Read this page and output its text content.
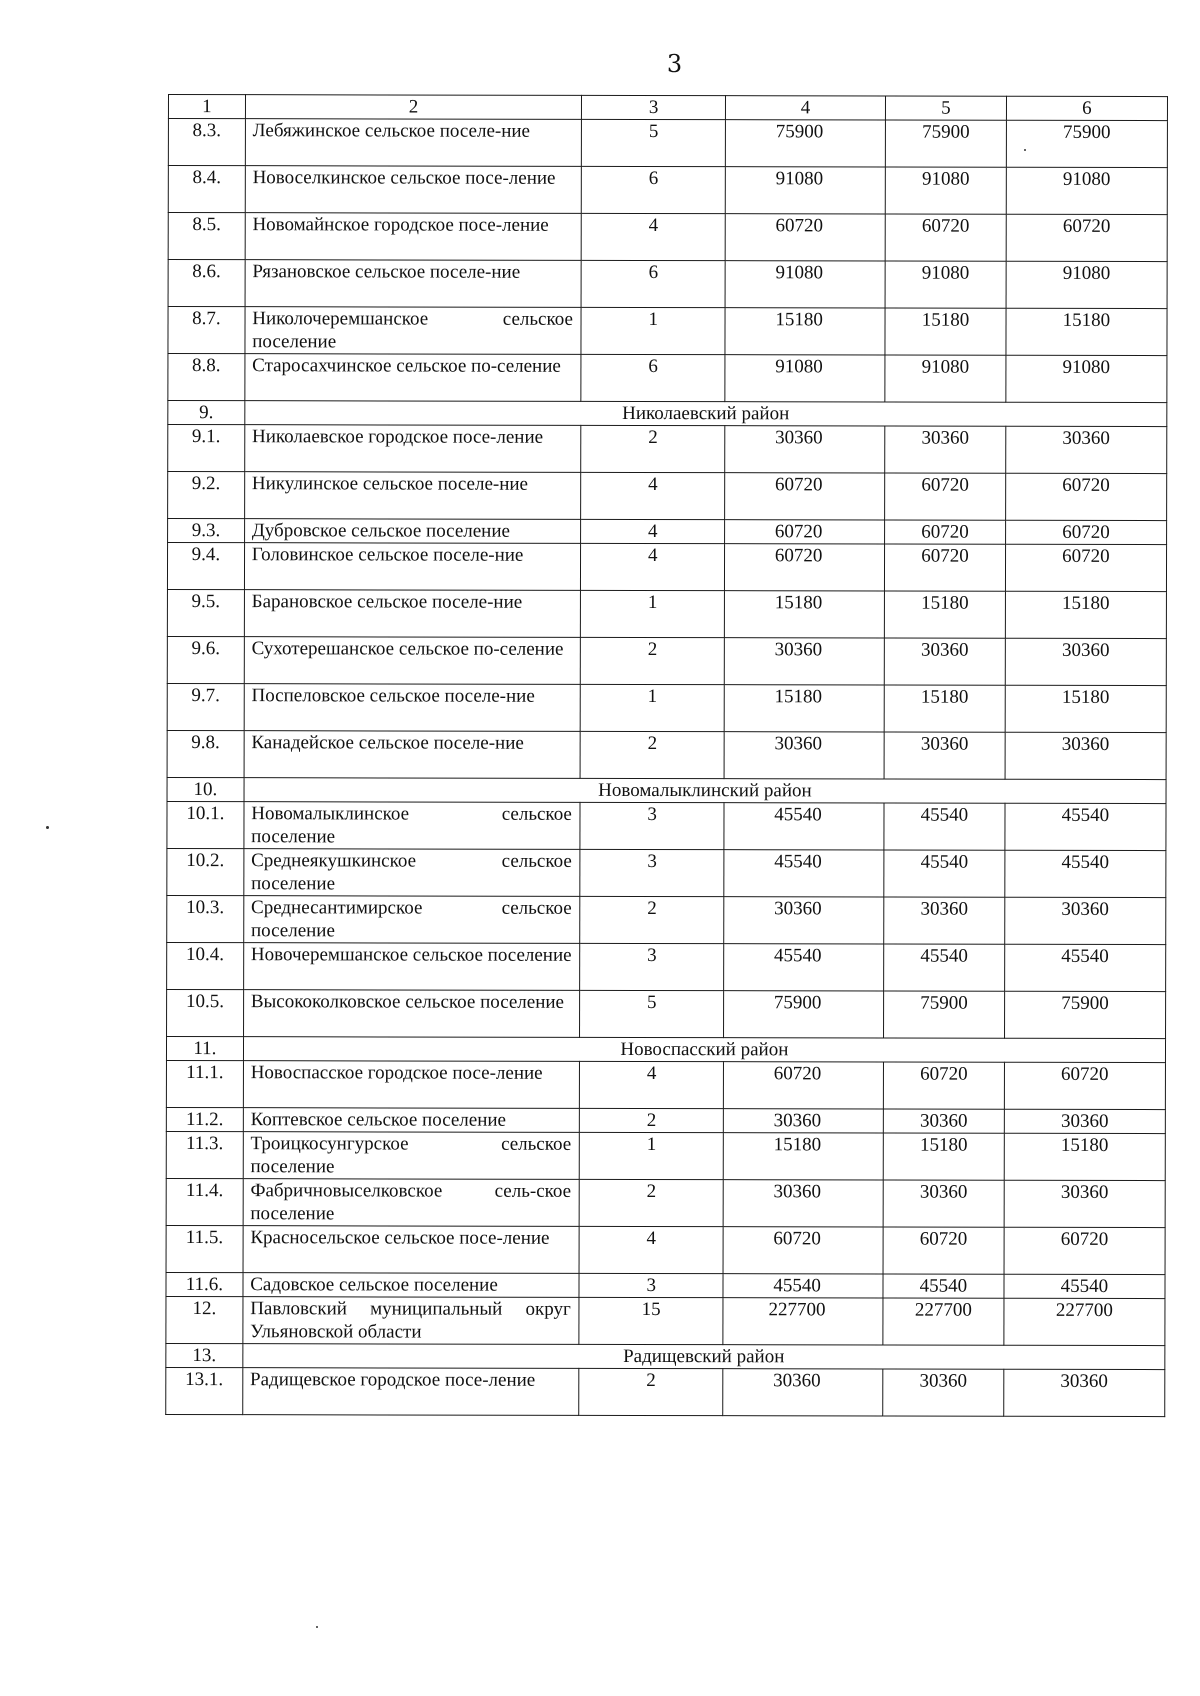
3
1	2	3	4	5	6
8.3.	Лебяжинское сельское поселе-ние	5	75900	75900	75900
8.4.	Новоселкинское сельское посе-ление	6	91080	91080	91080
8.5.	Новомайнское городское посе-ление	4	60720	60720	60720
8.6.	Рязановское сельское поселе-ние	6	91080	91080	91080
8.7.	Николочеремшанское сельское поселение	1	15180	15180	15180
8.8.	Старосахчинское сельское по-селение	6	91080	91080	91080
9.	Николаевский район				
9.1.	Николаевское городское посе-ление	2	30360	30360	30360
9.2.	Никулинское сельское поселе-ние	4	60720	60720	60720
9.3.	Дубровское сельское поселение	4	60720	60720	60720
9.4.	Головинское сельское поселе-ние	4	60720	60720	60720
9.5.	Барановское сельское поселе-ние	1	15180	15180	15180
9.6.	Сухотерешанское сельское по-селение	2	30360	30360	30360
9.7.	Поспеловское сельское поселе-ние	1	15180	15180	15180
9.8.	Канадейское сельское поселе-ние	2	30360	30360	30360
10.	Новомалыклинский район				
10.1.	Новомалыклинское сельское поселение	3	45540	45540	45540
10.2.	Среднеякушкинское сельское поселение	3	45540	45540	45540
10.3.	Среднесантимирское сельское поселение	2	30360	30360	30360
10.4.	Новочеремшанское сельское поселение	3	45540	45540	45540
10.5.	Высококолковское сельское поселение	5	75900	75900	75900
11.	Новоспасский район				
11.1.	Новоспасское городское посе-ление	4	60720	60720	60720
11.2.	Коптевское сельское поселение	2	30360	30360	30360
11.3.	Троицкосунгурское сельское поселение	1	15180	15180	15180
11.4.	Фабричновыселковское сель-ское поселение	2	30360	30360	30360
11.5.	Красносельское сельское посе-ление	4	60720	60720	60720
11.6.	Садовское сельское поселение	3	45540	45540	45540
12.	Павловский муниципальный округ Ульяновской области	15	227700	227700	227700
13.	Радищевский район				
13.1.	Радищевское городское посе-ление	2	30360	30360	30360
